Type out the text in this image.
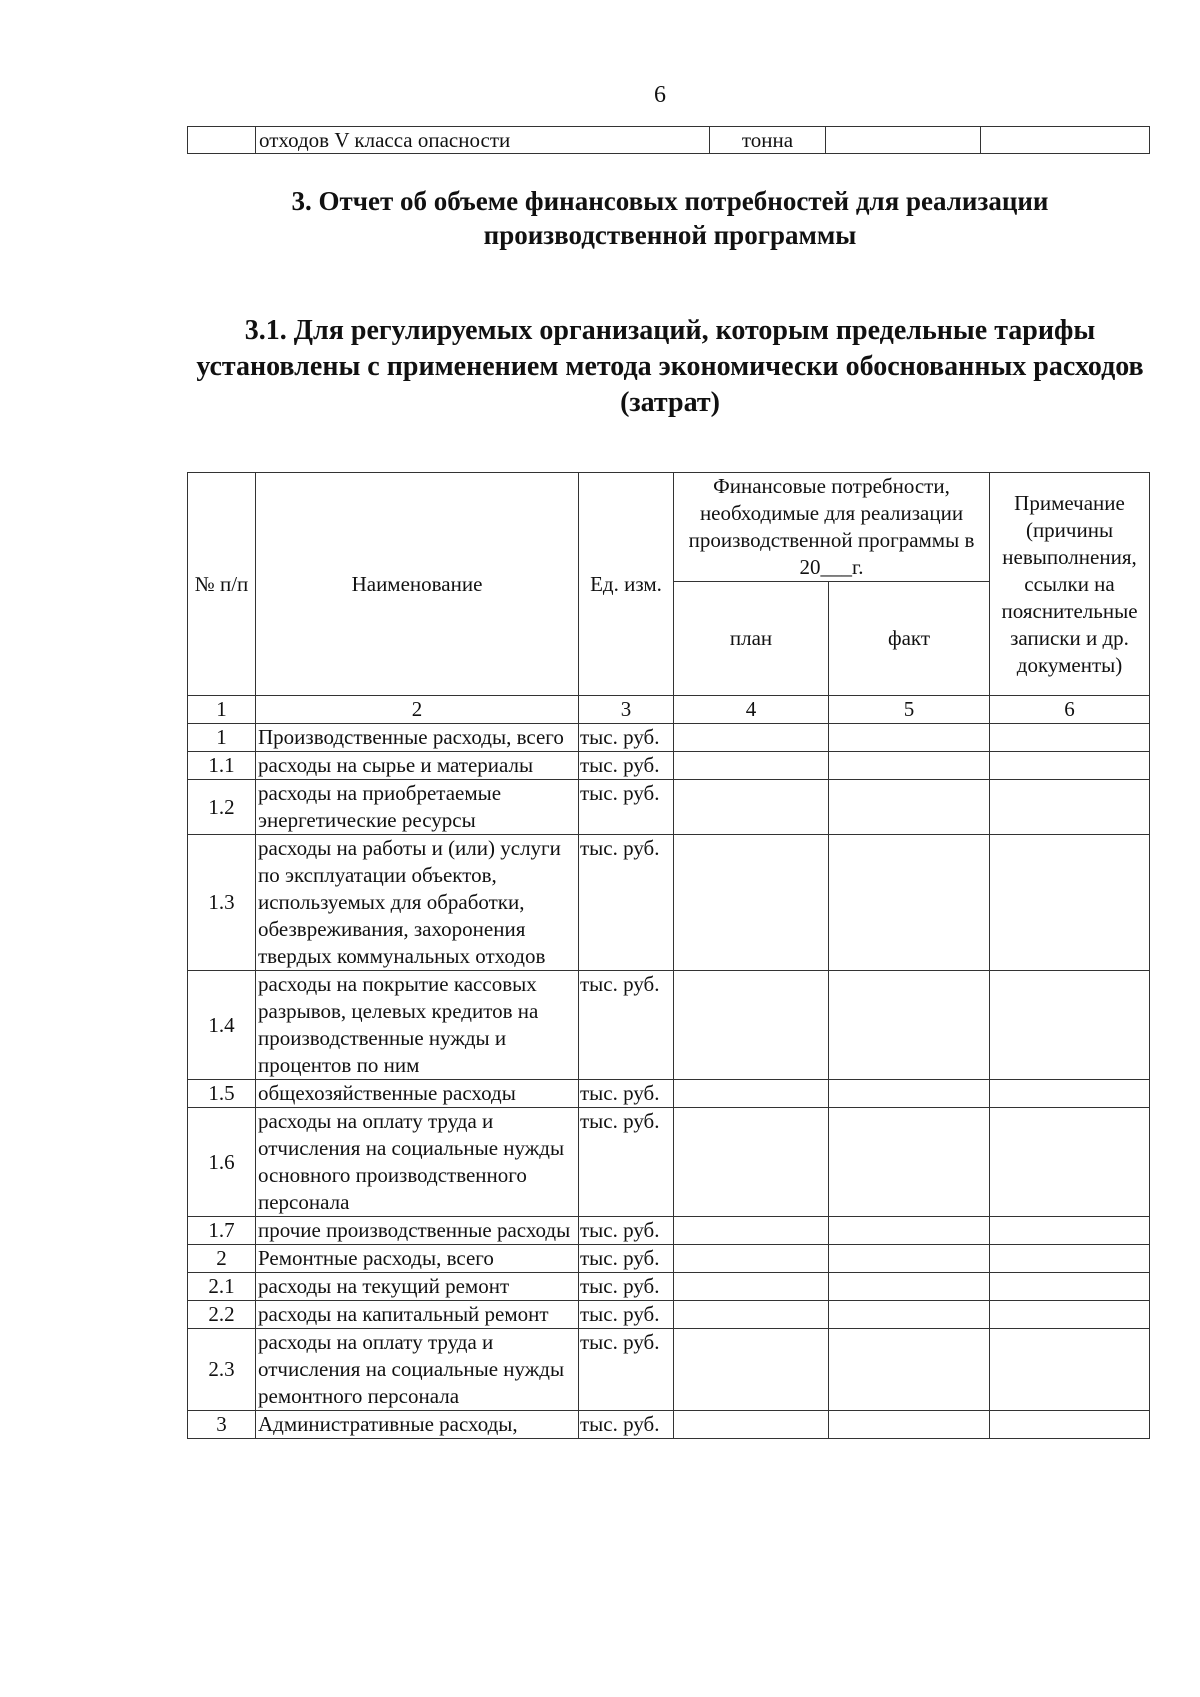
6
	отходов V класса опасности	тонна		
3. Отчет об объеме финансовых потребностей для реализации производственной программы
3.1. Для регулируемых организаций, которым предельные тарифы установлены с применением метода экономически обоснованных расходов (затрат)
№ п/п	Наименование	Ед. изм.	Финансовые потребности, необходимые для реализации производственной программы в 20___г.		Примечание (причины невыполнения, ссылки на пояснительные записки и др. документы)
			план	факт	
1	2	3	4	5	6
1	Производственные расходы, всего	тыс. руб.			
1.1	расходы на сырье и материалы	тыс. руб.			
1.2	расходы на приобретаемые энергетические ресурсы	тыс. руб.			
1.3	расходы на работы и (или) услуги по эксплуатации объектов, используемых для обработки, обезвреживания, захоронения твердых коммунальных отходов	тыс. руб.			
1.4	расходы на покрытие кассовых разрывов, целевых кредитов на производственные нужды и процентов по ним	тыс. руб.			
1.5	общехозяйственные расходы	тыс. руб.			
1.6	расходы на оплату труда и отчисления на социальные нужды основного производственного персонала	тыс. руб.			
1.7	прочие производственные расходы	тыс. руб.			
2	Ремонтные расходы, всего	тыс. руб.			
2.1	расходы на текущий ремонт	тыс. руб.			
2.2	расходы на капитальный ремонт	тыс. руб.			
2.3	расходы на оплату труда и отчисления на социальные нужды ремонтного персонала	тыс. руб.			
3	Административные расходы,	тыс. руб.			
